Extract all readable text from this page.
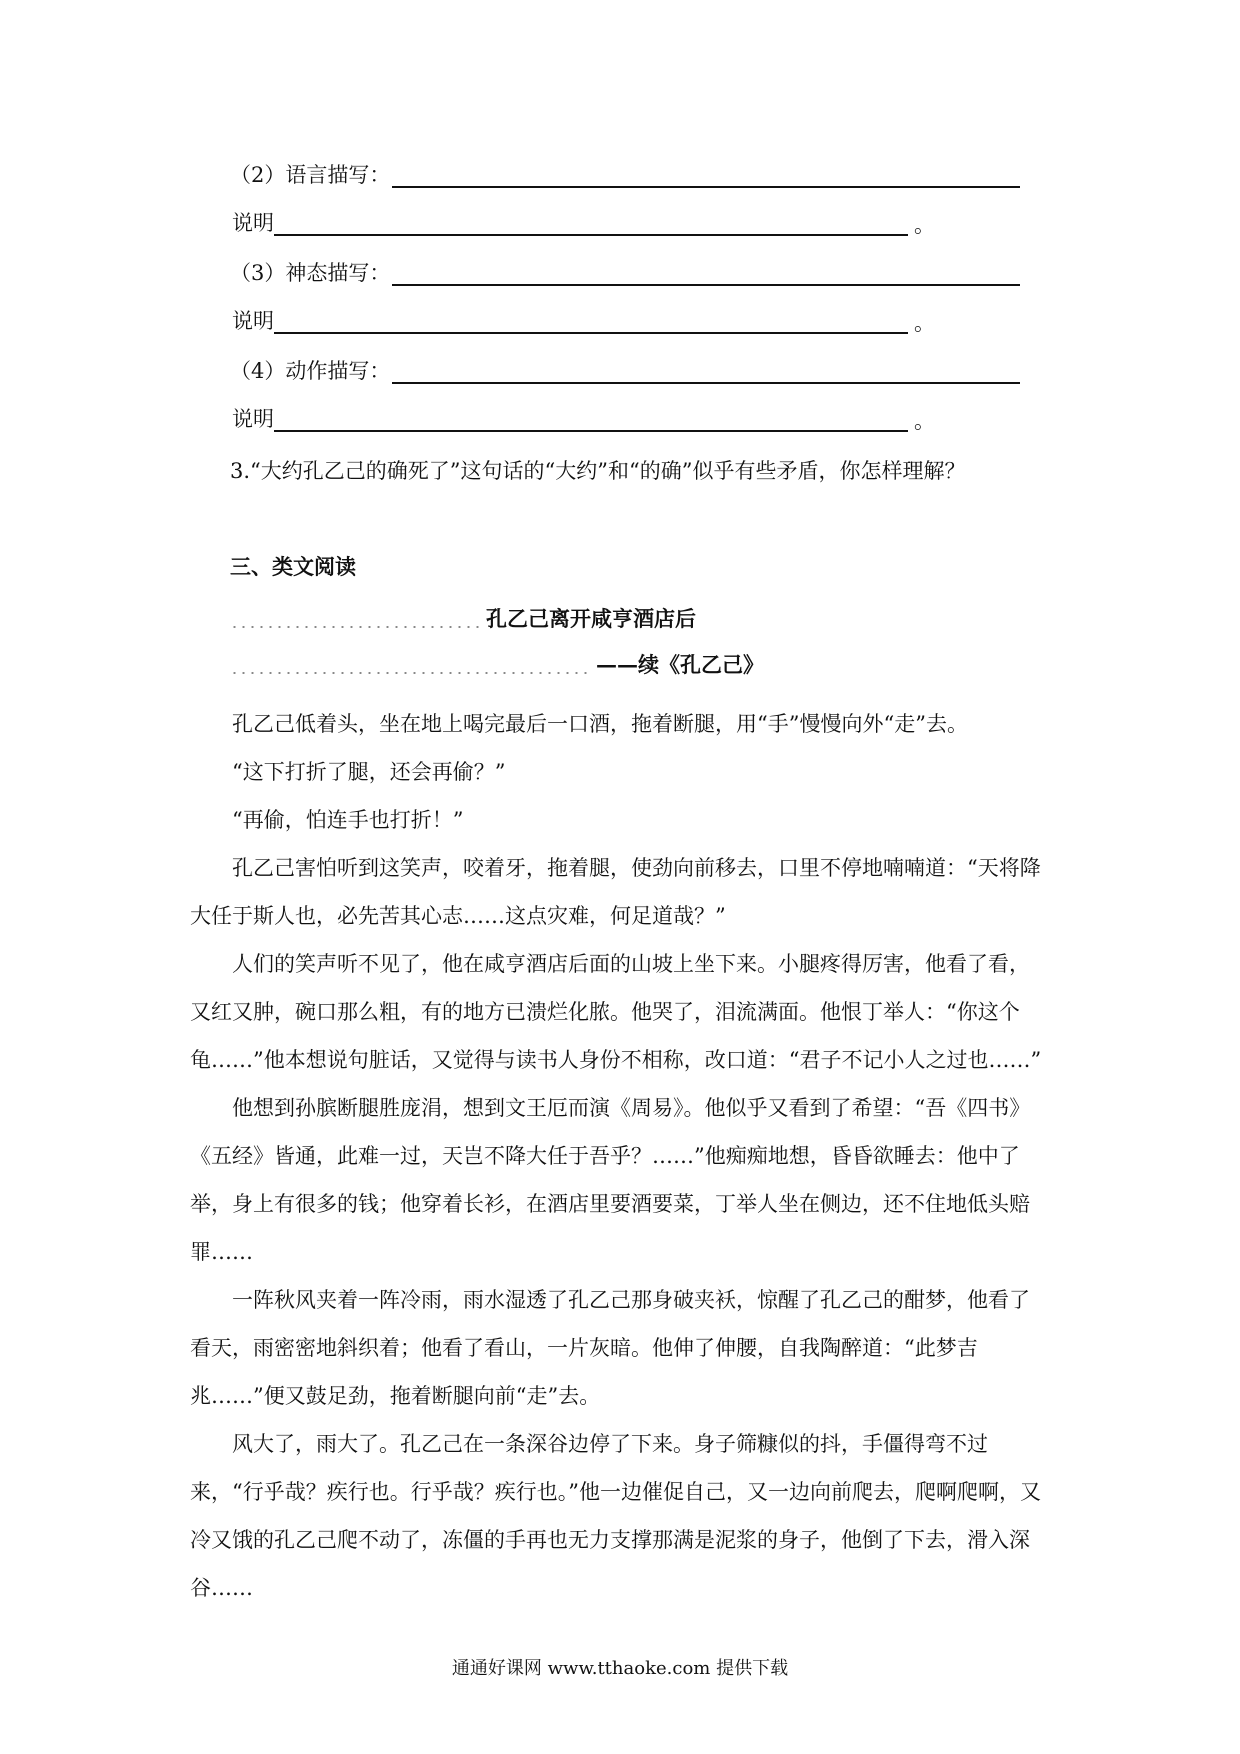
（2）语言描写：
说明	。
（3）神态描写：
说明	。
（4）动作描写：
说明	。
3.“大约孔乙己的确死了”这句话的“大约”和“的确”似乎有些矛盾，你怎样理解？
三、类文阅读
孔乙己离开咸亨酒店后
——续《孔乙己》

孔乙己低着头，坐在地上喝完最后一口酒，拖着断腿，用“手”慢慢向外“走”去。

“这下打折了腿，还会再偷？”

“再偷，怕连手也打折！”

孔乙己害怕听到这笑声，咬着牙，拖着腿，使劲向前移去，口里不停地喃喃道：“天将降大任于斯人也，必先苦其心志……这点灾难，何足道哉？”

人们的笑声听不见了，他在咸亨酒店后面的山坡上坐下来。小腿疼得厉害，他看了看，又红又肿，碗口那么粗，有的地方已溃烂化脓。他哭了，泪流满面。他恨丁举人：“你这个龟……”他本想说句脏话，又觉得与读书人身份不相称，改口道：“君子不记小人之过也……”

他想到孙膑断腿胜庞涓，想到文王厄而演《周易》。他似乎又看到了希望：“吾《四书》《五经》皆通，此难一过，天岂不降大任于吾乎？……”他痴痴地想，昏昏欲睡去：他中了举，身上有很多的钱；他穿着长衫，在酒店里要酒要菜，丁举人坐在侧边，还不住地低头赔罪……

一阵秋风夹着一阵冷雨，雨水湿透了孔乙己那身破夹袄，惊醒了孔乙己的酣梦，他看了看天，雨密密地斜织着；他看了看山，一片灰暗。他伸了伸腰，自我陶醉道：“此梦吉兆……”便又鼓足劲，拖着断腿向前“走”去。

风大了，雨大了。孔乙己在一条深谷边停了下来。身子筛糠似的抖，手僵得弯不过来，“行乎哉？疾行也。行乎哉？疾行也。”他一边催促自己，又一边向前爬去，爬啊爬啊，又冷又饿的孔乙己爬不动了，冻僵的手再也无力支撑那满是泥浆的身子，他倒了下去，滑入深谷……

通通好课网 www.tthaoke.com 提供下载
